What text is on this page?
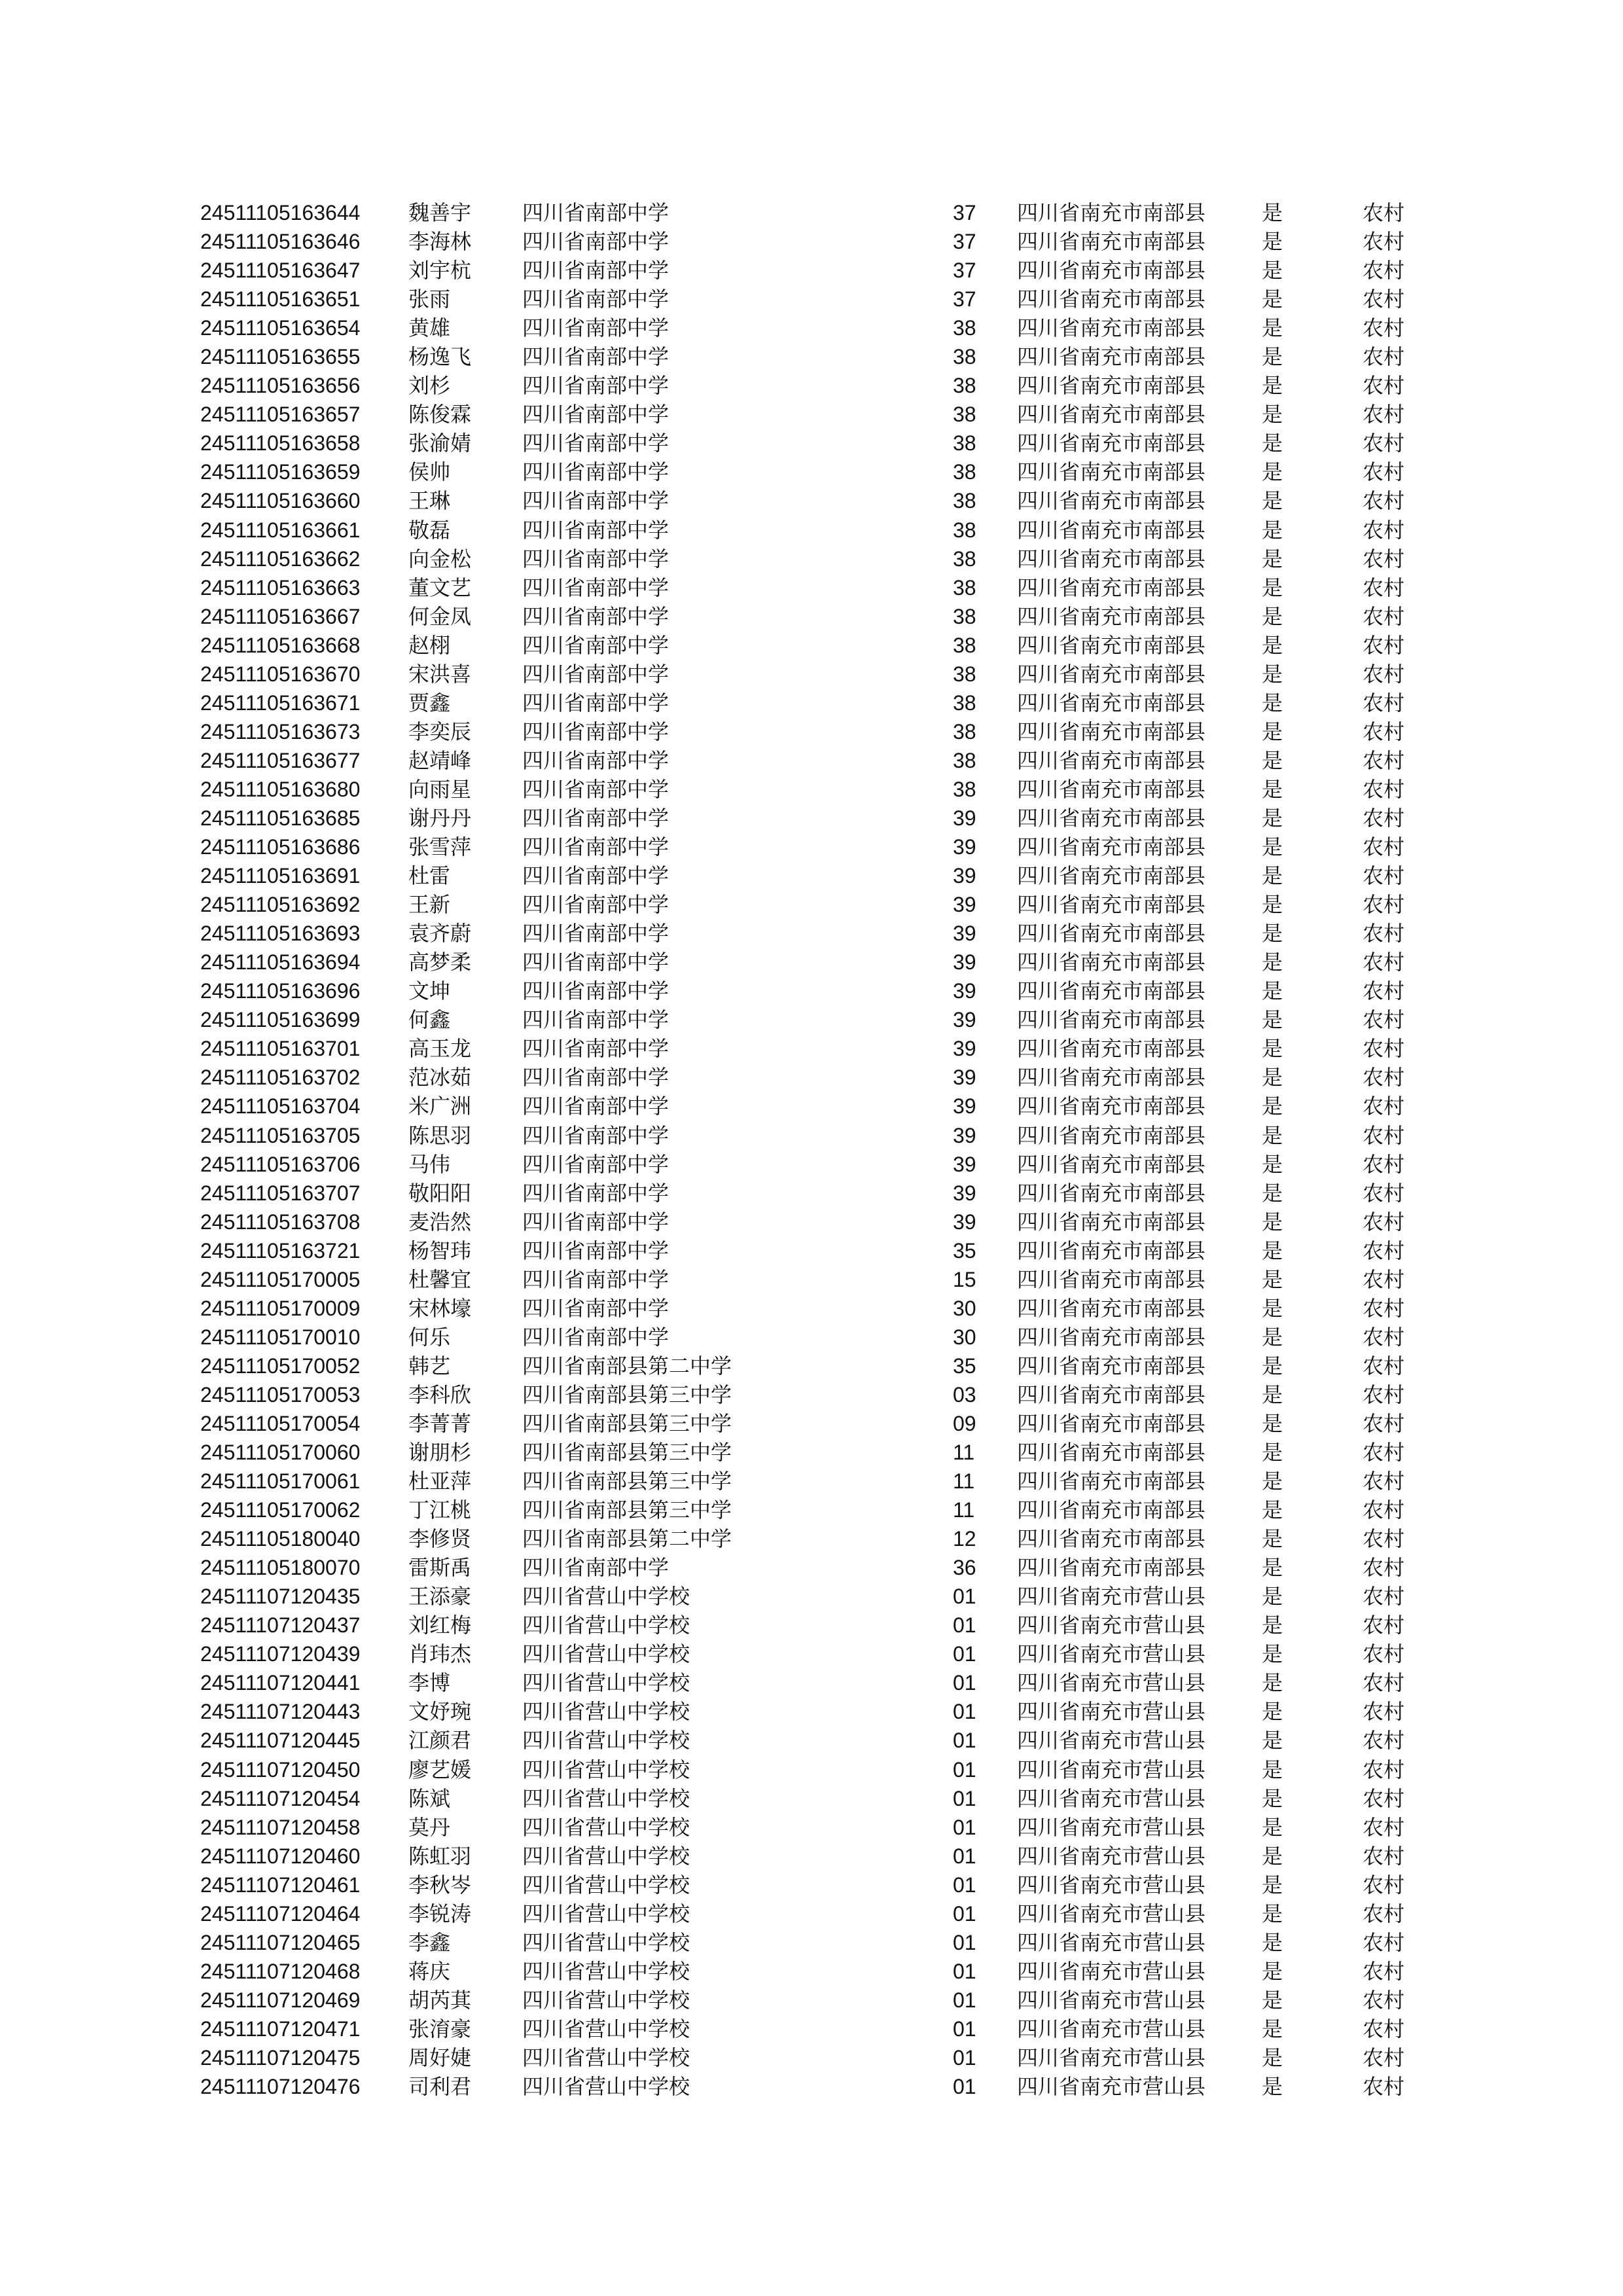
24511105163644 魏善宇 四川省南部中学	37 四川省南充市南部县	是	农村
24511105163646 李海林 四川省南部中学	37 四川省南充市南部县	是	农村
24511105163647 刘宇杭 四川省南部中学	37 四川省南充市南部县	是	农村
24511105163651 张雨	四川省南部中学	37 四川省南充市南部县	是	农村
24511105163654 黄雄	四川省南部中学	38 四川省南充市南部县	是	农村
24511105163655 杨逸飞 四川省南部中学	38 四川省南充市南部县	是	农村
24511105163656 刘杉	四川省南部中学	38 四川省南充市南部县	是	农村
24511105163657 陈俊霖 四川省南部中学	38 四川省南充市南部县	是	农村
24511105163658 张渝婧 四川省南部中学	38 四川省南充市南部县	是	农村
24511105163659 侯帅	四川省南部中学	38 四川省南充市南部县	是	农村
24511105163660 王琳	四川省南部中学	38 四川省南充市南部县	是	农村
24511105163661 敬磊	四川省南部中学	38 四川省南充市南部县	是	农村
24511105163662 向金松 四川省南部中学	38 四川省南充市南部县	是	农村
24511105163663 董文艺 四川省南部中学	38 四川省南充市南部县	是	农村
24511105163667 何金凤 四川省南部中学	38 四川省南充市南部县	是	农村
24511105163668 赵栩	四川省南部中学	38 四川省南充市南部县	是	农村
24511105163670 宋洪喜 四川省南部中学	38 四川省南充市南部县	是	农村
24511105163671 贾鑫	四川省南部中学	38 四川省南充市南部县	是	农村
24511105163673 李奕辰 四川省南部中学	38 四川省南充市南部县	是	农村
24511105163677 赵靖峰 四川省南部中学	38 四川省南充市南部县	是	农村
24511105163680 向雨星 四川省南部中学	38 四川省南充市南部县	是	农村
24511105163685 谢丹丹 四川省南部中学	39 四川省南充市南部县	是	农村
24511105163686 张雪萍 四川省南部中学	39 四川省南充市南部县	是	农村
24511105163691 杜雷	四川省南部中学	39 四川省南充市南部县	是	农村
24511105163692 王新	四川省南部中学	39 四川省南充市南部县	是	农村
24511105163693 袁齐蔚 四川省南部中学	39 四川省南充市南部县	是	农村
24511105163694 高梦柔 四川省南部中学	39 四川省南充市南部县	是	农村
24511105163696 文坤	四川省南部中学	39 四川省南充市南部县	是	农村
24511105163699 何鑫	四川省南部中学	39 四川省南充市南部县	是	农村
24511105163701 高玉龙 四川省南部中学	39 四川省南充市南部县	是	农村
24511105163702 范冰茹 四川省南部中学	39 四川省南充市南部县	是	农村
24511105163704 米广洲 四川省南部中学	39 四川省南充市南部县	是	农村
24511105163705 陈思羽 四川省南部中学	39 四川省南充市南部县	是	农村
24511105163706 马伟	四川省南部中学	39 四川省南充市南部县	是	农村
24511105163707 敬阳阳 四川省南部中学	39 四川省南充市南部县	是	农村
24511105163708 麦浩然 四川省南部中学	39 四川省南充市南部县	是	农村
24511105163721 杨智玮 四川省南部中学	35 四川省南充市南部县	是	农村
24511105170005 杜馨宜 四川省南部中学	15 四川省南充市南部县	是	农村
24511105170009 宋林壕 四川省南部中学	30 四川省南充市南部县	是	农村
24511105170010 何乐	四川省南部中学	30 四川省南充市南部县	是	农村
24511105170052 韩艺	四川省南部县第二中学	35 四川省南充市南部县	是	农村
24511105170053 李科欣 四川省南部县第三中学	03 四川省南充市南部县	是	农村
24511105170054 李菁菁 四川省南部县第三中学	09 四川省南充市南部县	是	农村
24511105170060 谢朋杉 四川省南部县第三中学	11 四川省南充市南部县	是	农村
24511105170061 杜亚萍 四川省南部县第三中学	11 四川省南充市南部县	是	农村
24511105170062 丁江桃 四川省南部县第三中学	11 四川省南充市南部县	是	农村
24511105180040 李修贤 四川省南部县第二中学	12 四川省南充市南部县	是	农村
24511105180070 雷斯禹 四川省南部中学	36 四川省南充市南部县	是	农村
24511107120435 王添豪 四川省营山中学校	01 四川省南充市营山县	是	农村
24511107120437 刘红梅 四川省营山中学校	01 四川省南充市营山县	是	农村
24511107120439 肖玮杰 四川省营山中学校	01 四川省南充市营山县	是	农村
24511107120441 李博	四川省营山中学校	01 四川省南充市营山县	是	农村
24511107120443 文妤琬 四川省营山中学校	01 四川省南充市营山县	是	农村
24511107120445 江颜君 四川省营山中学校	01 四川省南充市营山县	是	农村
24511107120450 廖艺媛 四川省营山中学校	01 四川省南充市营山县	是	农村
24511107120454 陈斌	四川省营山中学校	01 四川省南充市营山县	是	农村
24511107120458 莫丹	四川省营山中学校	01 四川省南充市营山县	是	农村
24511107120460 陈虹羽 四川省营山中学校	01 四川省南充市营山县	是	农村
24511107120461 李秋岑 四川省营山中学校	01 四川省南充市营山县	是	农村
24511107120464 李锐涛 四川省营山中学校	01 四川省南充市营山县	是	农村
24511107120465 李鑫	四川省营山中学校	01 四川省南充市营山县	是	农村
24511107120468 蒋庆	四川省营山中学校	01 四川省南充市营山县	是	农村
24511107120469 胡芮萁 四川省营山中学校	01 四川省南充市营山县	是	农村
24511107120471 张淯豪 四川省营山中学校	01 四川省南充市营山县	是	农村
24511107120475 周好婕 四川省营山中学校	01 四川省南充市营山县	是	农村
24511107120476 司利君 四川省营山中学校	01 四川省南充市营山县	是	农村
